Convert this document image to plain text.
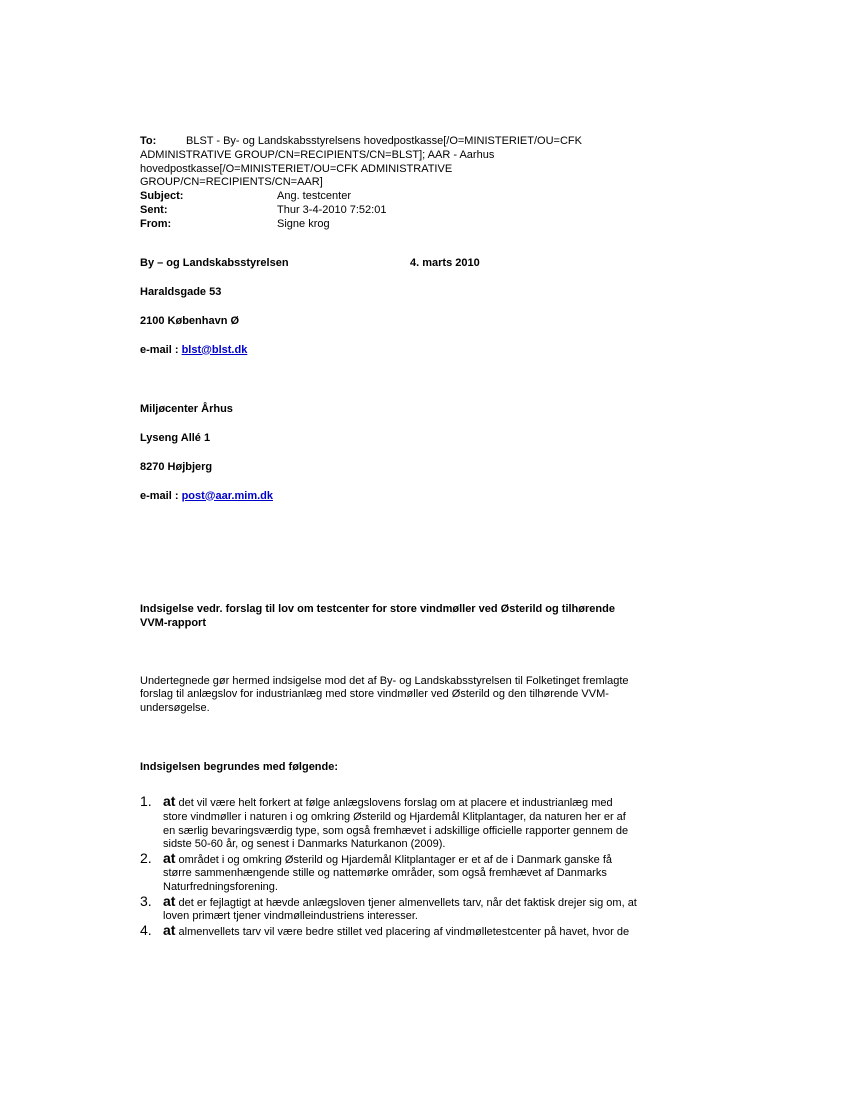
To:	BLST - By- og Landskabsstyrelsens hovedpostkasse[/O=MINISTERIET/OU=CFK
ADMINISTRATIVE GROUP/CN=RECIPIENTS/CN=BLST]; AAR - Aarhus
hovedpostkasse[/O=MINISTERIET/OU=CFK ADMINISTRATIVE
GROUP/CN=RECIPIENTS/CN=AAR]
Subject:	Ang. testcenter
Sent:	Thur 3-4-2010 7:52:01
From:	Signe krog

By – og Landskabsstyrelsen	4. marts 2010

Haraldsgade 53

2100 København Ø

e-mail : blst@blst.dk

Miljøcenter Århus

Lyseng Allé 1

8270 Højbjerg

e-mail : post@aar.mim.dk

Indsigelse vedr. forslag til lov om testcenter for store vindmøller ved Østerild og tilhørende
VVM-rapport
Undertegnede gør hermed indsigelse mod det af By- og Landskabsstyrelsen til Folketinget fremlagte
forslag til anlægslov for industrianlæg med store vindmøller ved Østerild og den tilhørende VVM-
undersøgelse.
Indsigelsen begrundes med følgende:
1. at det vil være helt forkert at følge anlægslovens forslag om at placere et industrianlæg med
store vindmøller i naturen i og omkring Østerild og Hjardemål Klitplantager, da naturen her er af
en særlig bevaringsværdig type, som også fremhævet i adskillige officielle rapporter gennem de
sidste 50-60 år, og senest i Danmarks Naturkanon (2009).
2. at området i og omkring Østerild og Hjardemål Klitplantager er et af de i Danmark ganske få
større sammenhængende stille og nattemørke områder, som også fremhævet af Danmarks
Naturfredningsforening.
3. at det er fejlagtigt at hævde anlægsloven tjener almenvellets tarv, når det faktisk drejer sig om, at
loven primært tjener vindmølleindustriens interesser.
4. at almenvellets tarv vil være bedre stillet ved placering af vindmølletestcenter på havet, hvor de
